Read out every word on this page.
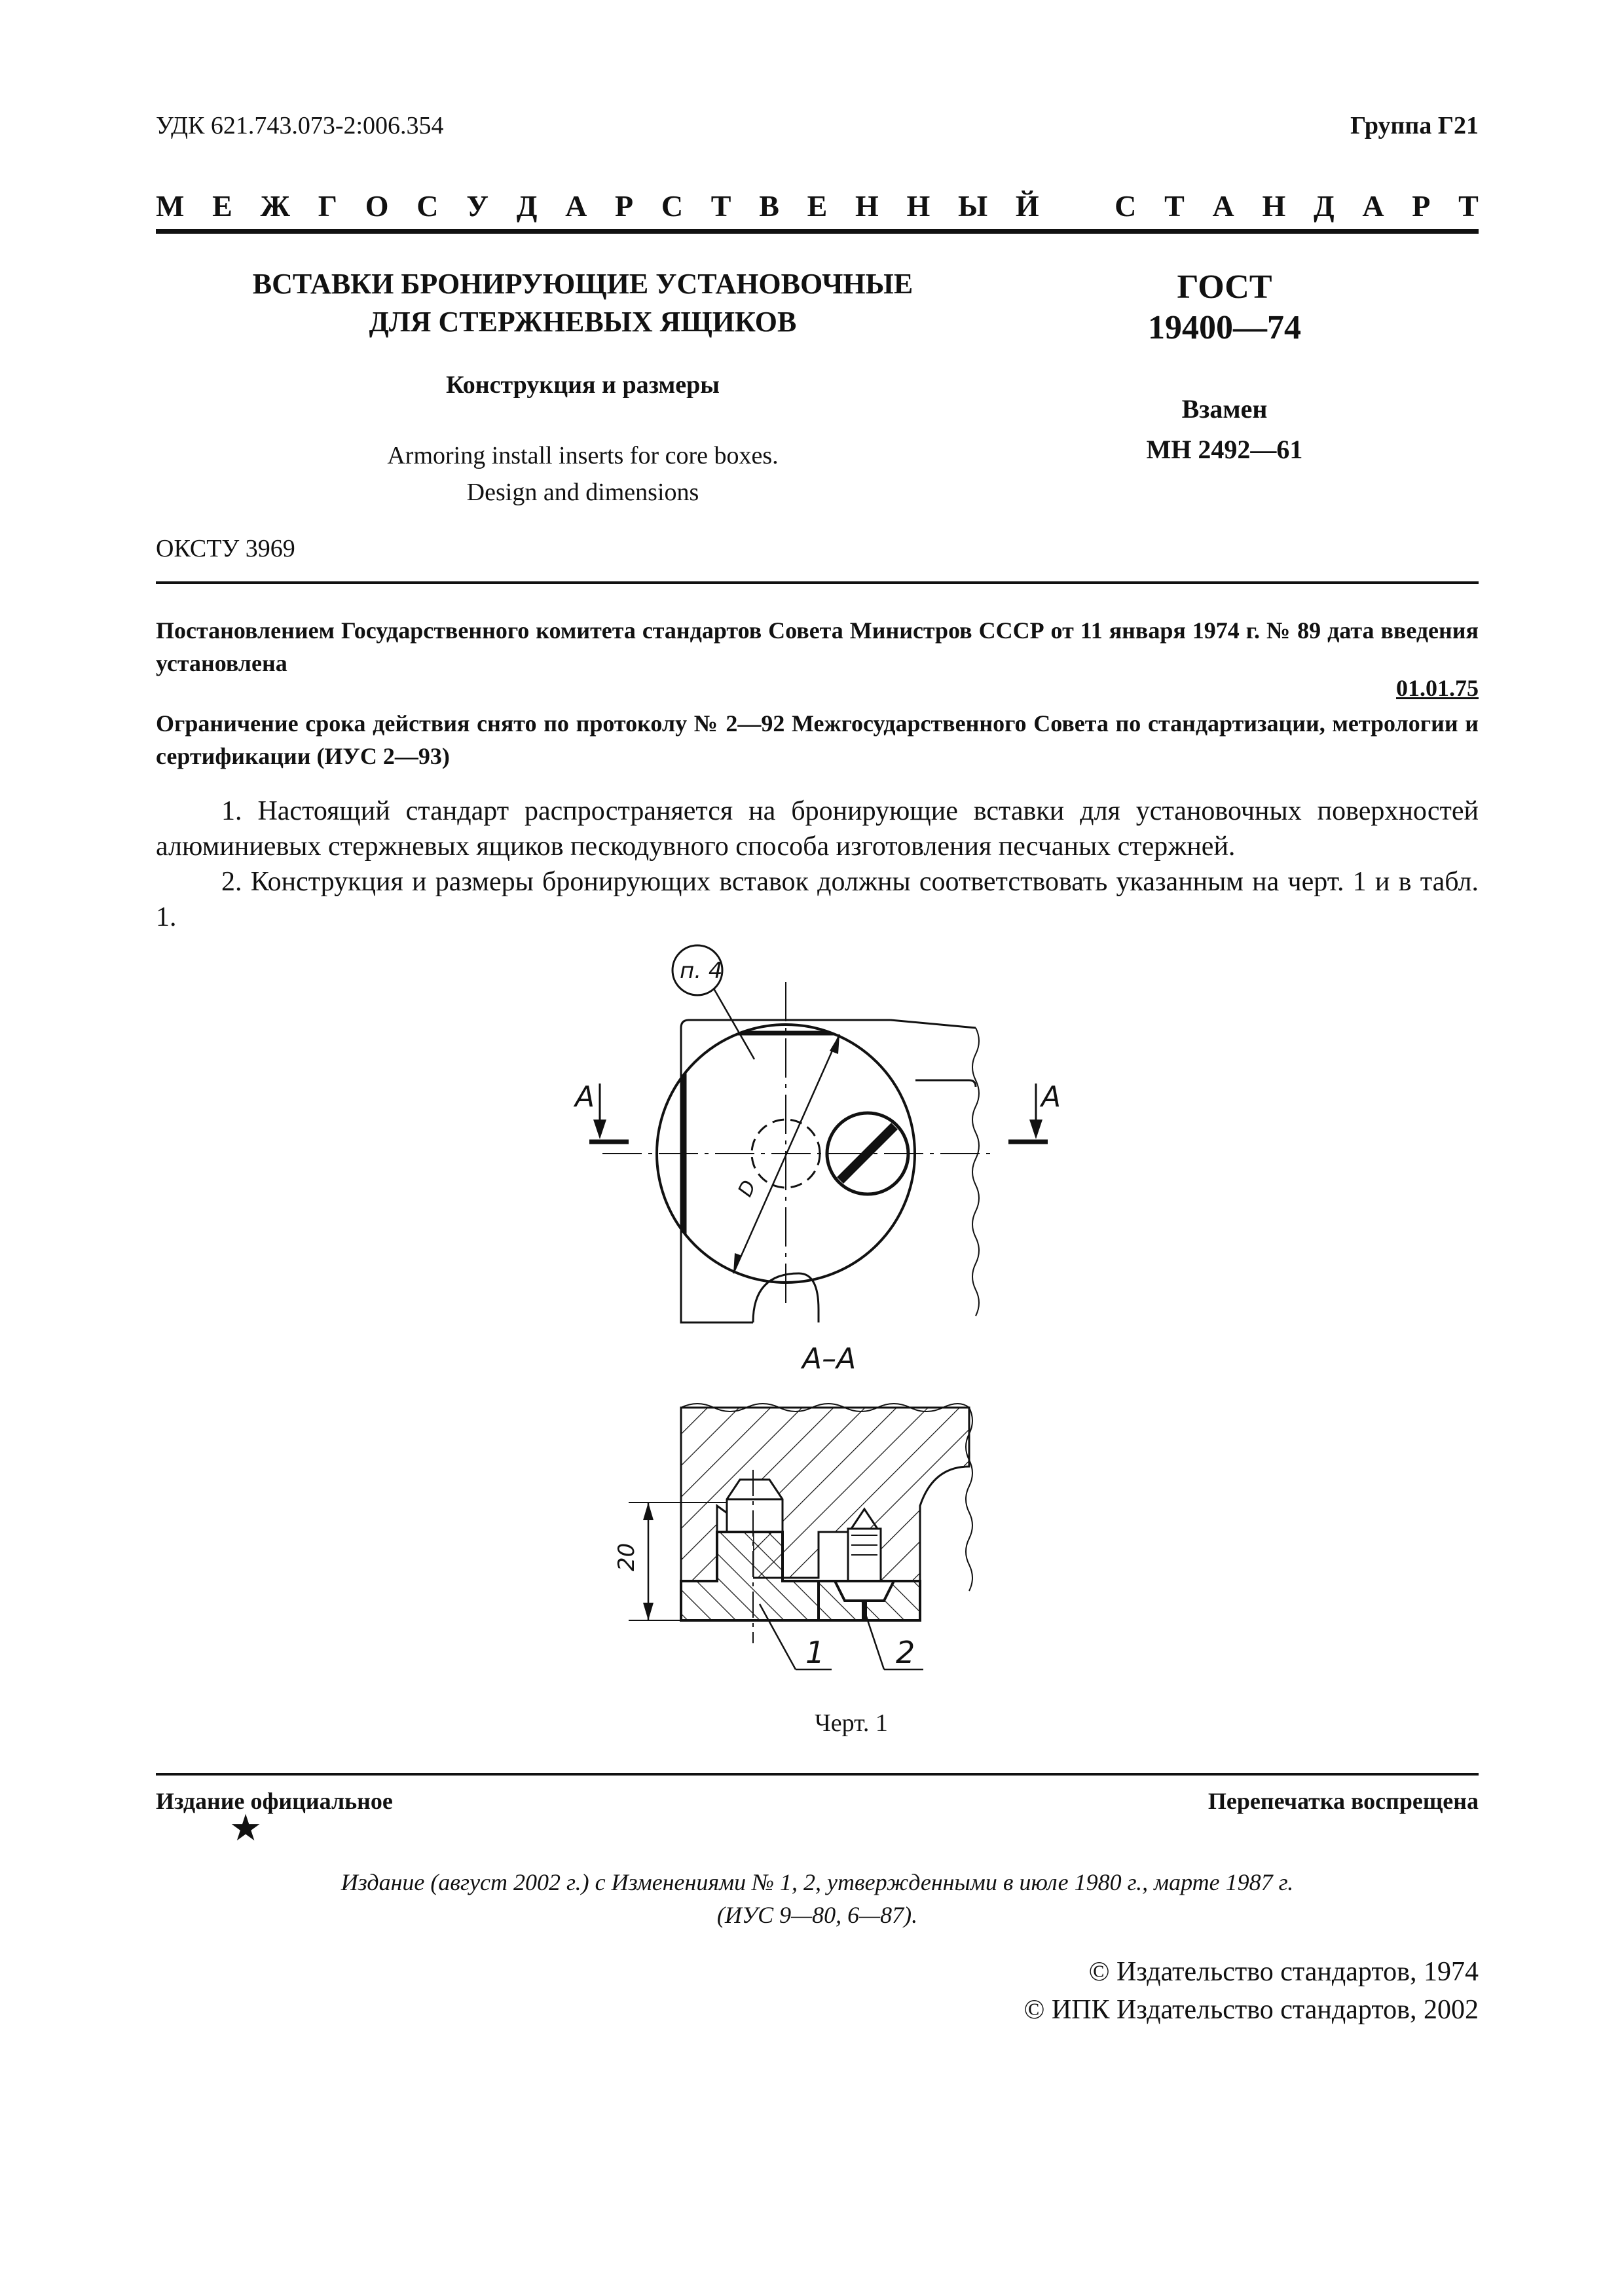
УДК 621.743.073-2:006.354	Группа Г21
М Е Ж Г О С У Д А Р С Т В Е Н Н Ы Й	С Т А Н Д А Р Т
ВСТАВКИ БРОНИРУЮЩИЕ УСТАНОВОЧНЫЕ
ДЛЯ СТЕРЖНЕВЫХ ЯЩИКОВ
Конструкция и размеры
Armoring install inserts for core boxes.
Design and dimensions
ГОСТ
19400—74
Взамен
МН 2492—61
ОКСТУ 3969
Постановлением Государственного комитета стандартов Совета Министров СССР от 11 января 1974 г. № 89 дата введения установлена
01.01.75
Ограничение срока действия снято по протоколу № 2—92 Межгосударственного Совета по стандартизации, метрологии и сертификации (ИУС 2—93)
1. Настоящий стандарт распространяется на бронирующие вставки для установочных поверхностей алюминиевых стержневых ящиков пескодувного способа изготовления песчаных стержней.
2. Конструкция и размеры бронирующих вставок должны соответствовать указанным на черт. 1 и в табл. 1.
D
п. 4
А	А
А–А
20
1 2
Черт. 1
Издание официальное	Перепечатка воспрещена
★
Издание (август 2002 г.) с Изменениями № 1, 2, утвержденными в июле 1980 г., марте 1987 г.
(ИУС 9—80, 6—87).
© Издательство стандартов, 1974
© ИПК Издательство стандартов, 2002
